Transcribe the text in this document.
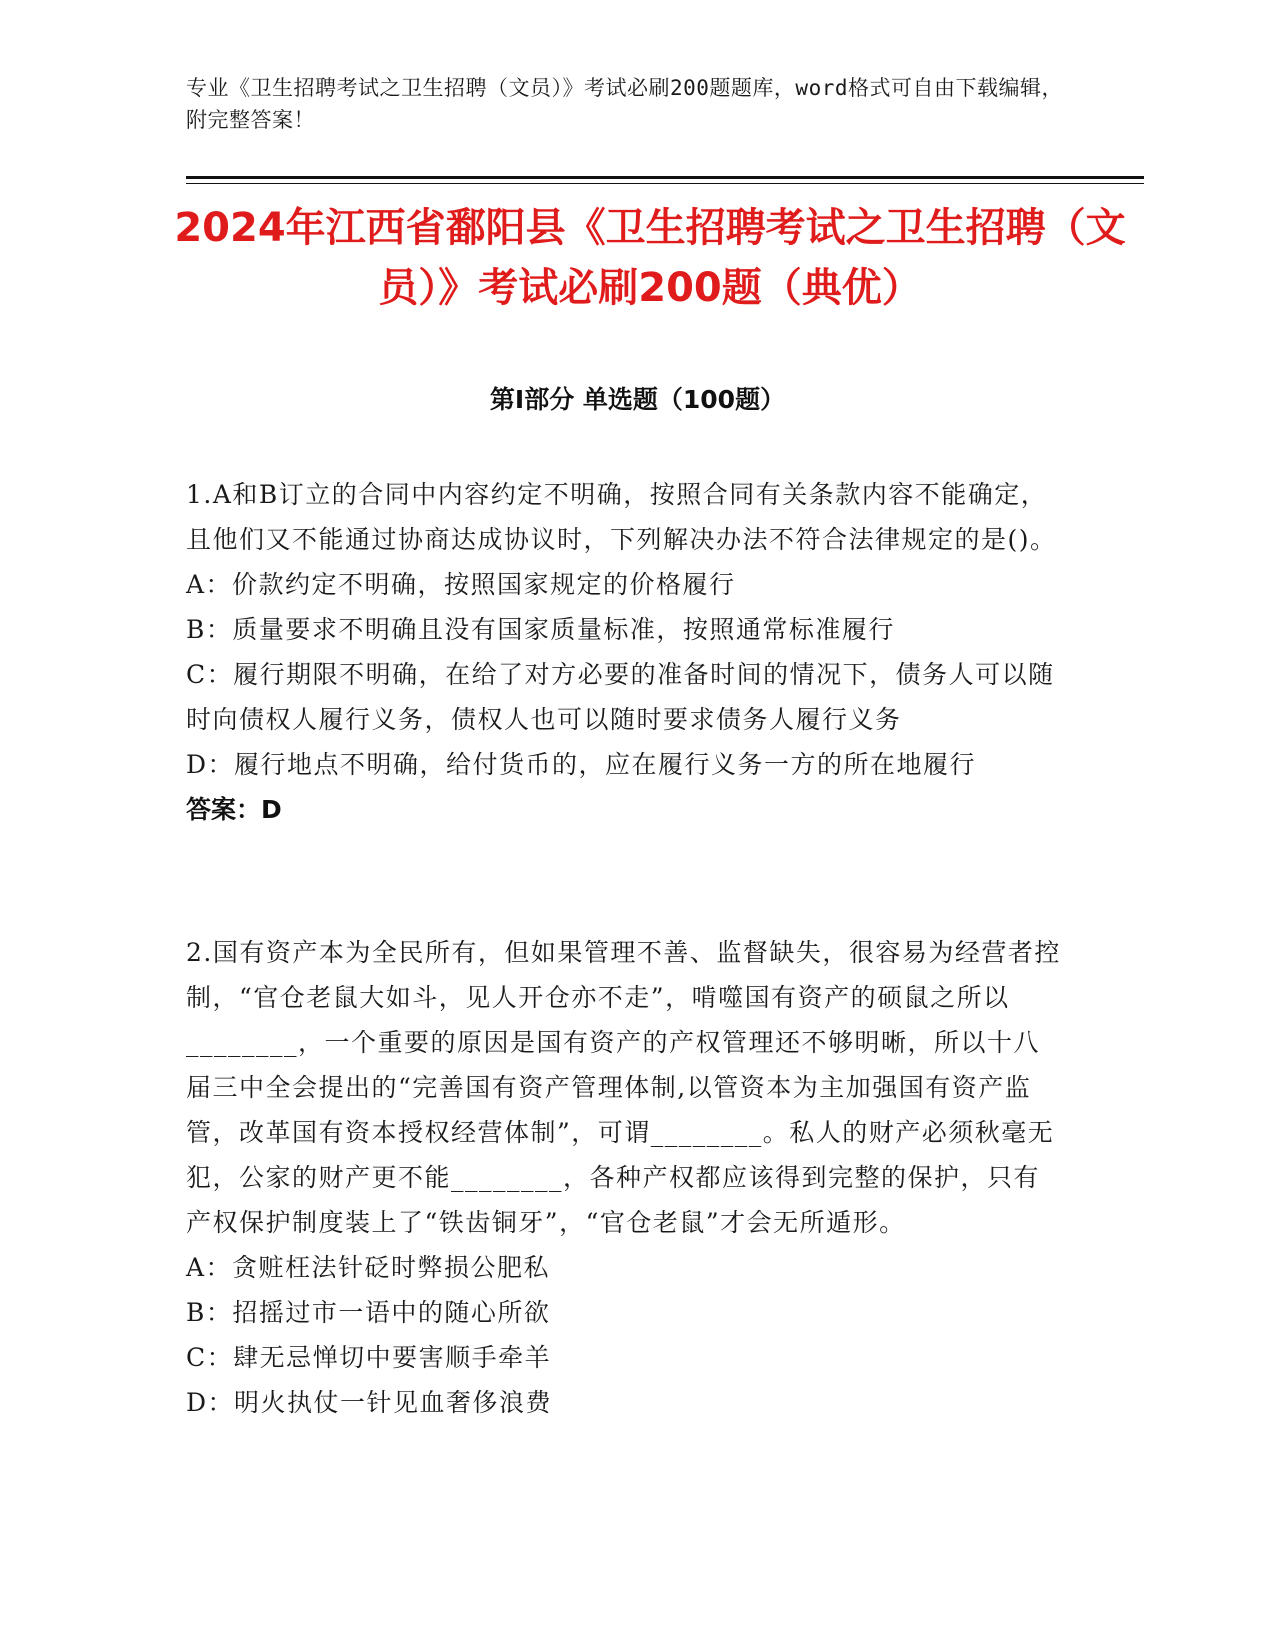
专业《卫生招聘考试之卫生招聘（文员）》考试必刷200题题库，word格式可自由下载编辑，附完整答案！
2024年江西省鄱阳县《卫生招聘考试之卫生招聘（文员）》考试必刷200题（典优）
第I部分 单选题（100题）

1.A和B订立的合同中内容约定不明确，按照合同有关条款内容不能确定，且他们又不能通过协商达成协议时，下列解决办法不符合法律规定的是()。

A：价款约定不明确，按照国家规定的价格履行

B：质量要求不明确且没有国家质量标准，按照通常标准履行

C：履行期限不明确，在给了对方必要的准备时间的情况下，债务人可以随时向债权人履行义务，债权人也可以随时要求债务人履行义务

D：履行地点不明确，给付货币的，应在履行义务一方的所在地履行

答案：D

2.国有资产本为全民所有，但如果管理不善、监督缺失，很容易为经营者控制，“官仓老鼠大如斗，见人开仓亦不走”，啃噬国有资产的硕鼠之所以________，一个重要的原因是国有资产的产权管理还不够明晰，所以十八届三中全会提出的“完善国有资产管理体制,以管资本为主加强国有资产监管，改革国有资本授权经营体制”，可谓________。私人的财产必须秋毫无犯，公家的财产更不能________，各种产权都应该得到完整的保护，只有产权保护制度装上了“铁齿铜牙”，“官仓老鼠”才会无所遁形。

A：贪赃枉法针砭时弊损公肥私

B：招摇过市一语中的随心所欲

C：肆无忌惮切中要害顺手牵羊

D：明火执仗一针见血奢侈浪费
